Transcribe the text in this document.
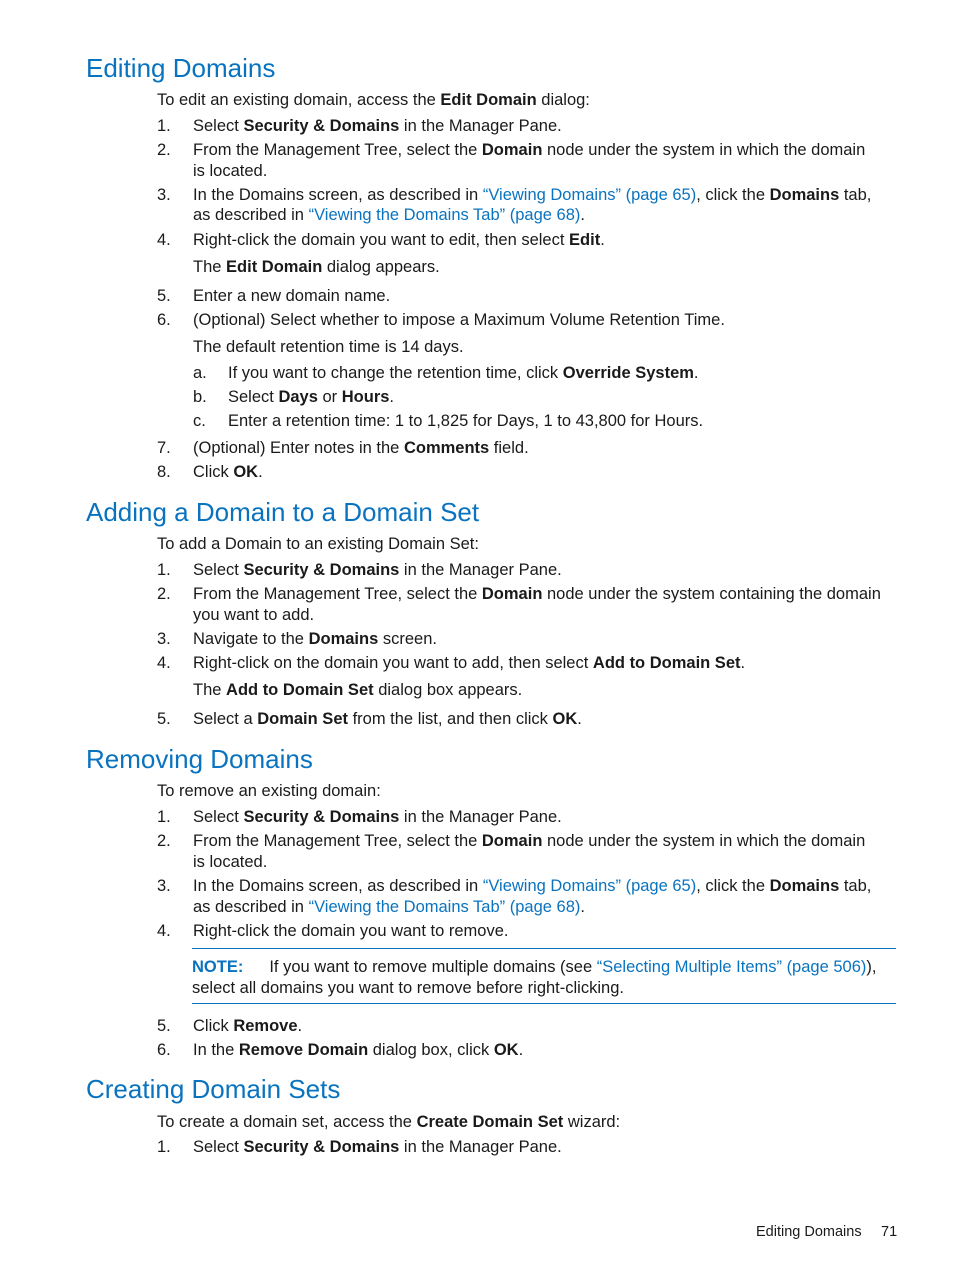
Editing Domains
To edit an existing domain, access the Edit Domain dialog:
1. Select Security & Domains in the Manager Pane.
2. From the Management Tree, select the Domain node under the system in which the domain
is located.
3. In the Domains screen, as described in “Viewing Domains” (page 65), click the Domains tab,
as described in “Viewing the Domains Tab” (page 68).
4. Right-click the domain you want to edit, then select Edit.
The Edit Domain dialog appears.
5. Enter a new domain name.
6. (Optional) Select whether to impose a Maximum Volume Retention Time.
The default retention time is 14 days.
a. If you want to change the retention time, click Override System.
b. Select Days or Hours.
c. Enter a retention time: 1 to 1,825 for Days, 1 to 43,800 for Hours.
7. (Optional) Enter notes in the Comments field.
8. Click OK.
Adding a Domain to a Domain Set
To add a Domain to an existing Domain Set:
1. Select Security & Domains in the Manager Pane.
2. From the Management Tree, select the Domain node under the system containing the domain
you want to add.
3. Navigate to the Domains screen.
4. Right-click on the domain you want to add, then select Add to Domain Set.
The Add to Domain Set dialog box appears.
5. Select a Domain Set from the list, and then click OK.
Removing Domains
To remove an existing domain:
1. Select Security & Domains in the Manager Pane.
2. From the Management Tree, select the Domain node under the system in which the domain
is located.
3. In the Domains screen, as described in “Viewing Domains” (page 65), click the Domains tab,
as described in “Viewing the Domains Tab” (page 68).
4. Right-click the domain you want to remove.
NOTE: If you want to remove multiple domains (see “Selecting Multiple Items” (page 506)),
select all domains you want to remove before right-clicking.
5. Click Remove.
6. In the Remove Domain dialog box, click OK.
Creating Domain Sets
To create a domain set, access the Create Domain Set wizard:
1. Select Security & Domains in the Manager Pane.
Editing Domains 71
